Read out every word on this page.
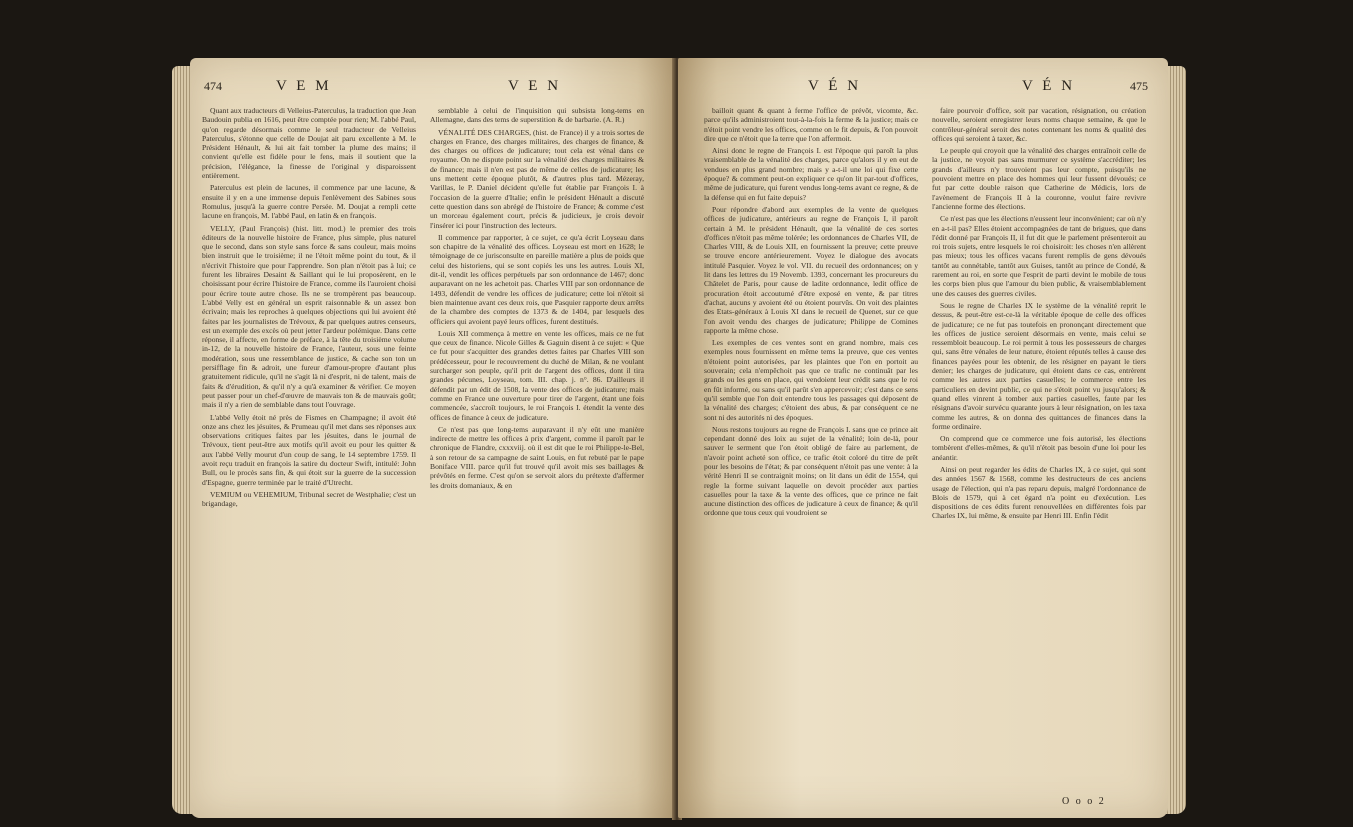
474	V E M	V E N

Quant aux traducteurs di Velleius-Paterculus, la traduction que Jean Baudouin publia en 1616, peut être comptée pour rien; M. l'abbé Paul, qu'on regarde désormais comme le seul traducteur de Velleius Paterculus, s'étonne que celle de Doujat ait paru excellente à M. le Président Hénault, & lui ait fait tomber la plume des mains; il convient qu'elle est fidèle pour le fens, mais il soutient que la précision, l'élégance, la finesse de l'original y disparoissent entièrement.

Paterculus est plein de lacunes, il commence par une lacune, & ensuite il y en a une immense depuis l'enlèvement des Sabines sous Romulus, jusqu'à la guerre contre Persée. M. Doujat a rempli cette lacune en françois, M. l'abbé Paul, en latin & en françois.

VELLY, (Paul François) (hist. litt. mod.) le premier des trois éditeurs de la nouvelle histoire de France, plus simple, plus naturel que le second, dans son style sans force & sans couleur, mais moins bien instruit que le troisième; il ne l'étoit même point du tout, & il n'écrivit l'histoire que pour l'apprendre. Son plan n'étoit pas à lui; ce furent les libraires Desaint & Saillant qui le lui proposèrent, en le choisissant pour écrire l'histoire de France, comme ils l'auroient choisi pour écrire toute autre chose. Ils ne se trompèrent pas beaucoup. L'abbé Velly est en général un esprit raisonnable & un assez bon écrivain; mais les reproches à quelques objections qui lui avoient été faites par les journalistes de Trévoux, & par quelques autres censeurs, est un exemple des excès où peut jetter l'ardeur polémique. Dans cette réponse, il affecte, en forme de préface, à la tête du troisième volume in-12, de la nouvelle histoire de France, l'auteur, sous une feinte modération, sous une ressemblance de justice, & cache son ton un persifflage fin & adroit, une fureur d'amour-propre d'autant plus gratuitement ridicule, qu'il ne s'agit là ni d'esprit, ni de talent, mais de faits & d'érudition, & qu'il n'y a qu'à examiner & vérifier. Ce moyen peut passer pour un chef-d'œuvre de mauvais ton & de mauvais goût; mais il n'y a rien de semblable dans tout l'ouvrage.

L'abbé Velly étoit né près de Fismes en Champagne; il avoit été onze ans chez les jésuites, & Prumeau qu'il met dans ses réponses aux observations critiques faites par les jésuites, dans le journal de Trévoux, tient peut-être aux motifs qu'il avoit eu pour les quitter & aux l'abbé Velly mourut d'un coup de sang, le 14 septembre 1759. Il avoit reçu traduit en françois la satire du docteur Swift, intitulé: John Bull, ou le procès sans fin, & qui étoit sur la guerre de la succession d'Espagne, guerre terminée par le traité d'Utrecht.

VEMIUM ou VEHEMIUM, Tribunal secret de Westphalie; c'est un brigandage,

semblable à celui de l'inquisition qui subsista long-tems en Allemagne, dans des tems de superstition & de barbarie. (A. R.)

VÉNALITÉ DES CHARGES, (hist. de France) il y a trois sortes de charges en France, des charges militaires, des charges de finance, & des charges ou offices de judicature; tout cela est vénal dans ce royaume. On ne dispute point sur la vénalité des charges militaires & de finance; mais il n'en est pas de même de celles de judicature; les uns mettent cette époque plutôt, & d'autres plus tard. Mézeray, Varillas, le P. Daniel décident qu'elle fut établie par François I. à l'occasion de la guerre d'Italie; enfin le président Hénault a discuté cette question dans son abrégé de l'histoire de France; & comme c'est un morceau également court, précis & judicieux, je crois devoir l'insérer ici pour l'instruction des lecteurs.

Il commence par rapporter, à ce sujet, ce qu'a écrit Loyseau dans son chapitre de la vénalité des offices. Loyseau est mort en 1628; le témoignage de ce jurisconsulte en pareille matière a plus de poids que celui des historiens, qui se sont copiés les uns les autres. Louis XI, dit-il, vendit les offices perpétuels par son ordonnance de 1467; donc auparavant on ne les achetoit pas. Charles VIII par son ordonnance de 1493, défendit de vendre les offices de judicature; cette loi n'étoit si bien maintenue avant ces deux rois, que Pasquier rapporte deux arrêts de la chambre des comptes de 1373 & de 1404, par lesquels des officiers qui avoient payé leurs offices, furent destitués.

Louis XII commença à mettre en vente les offices, mais ce ne fut que ceux de finance. Nicole Gilles & Gaguin disent à ce sujet: « Que ce fut pour s'acquitter des grandes dettes faites par Charles VIII son prédécesseur, pour le recouvrement du duché de Milan, & ne voulant surcharger son peuple, qu'il prit de l'argent des offices, dont il tira grandes pécunes, Loyseau, tom. III. chap. j. n°. 86. D'ailleurs il défendit par un édit de 1508, la vente des offices de judicature; mais comme en France une ouverture pour tirer de l'argent, étant une fois commencée, s'accroît toujours, le roi François I. étendit la vente des offices de finance à ceux de judicature.

Ce n'est pas que long-tems auparavant il n'y eût une manière indirecte de mettre les offices à prix d'argent, comme il paroît par le chronique de Flandre, cxxxviij. où il est dit que le roi Philippe-le-Bel, à son retour de sa campagne de saint Louis, en fut rebuté par le pape Boniface VIII. parce qu'il fut trouvé qu'il avoit mis ses baillages & prévôtés en ferme. C'est qu'on se servoit alors du prétexte d'affermer les droits domaniaux, & en

V É N	V É N	475

bailloit quant & quant à ferme l'office de prévôt, vicomte, &c. parce qu'ils administroient tout-à-la-fois la ferme & la justice; mais ce n'étoit point vendre les offices, comme on le fit depuis, & l'on pouvoit dire que ce n'étoit que la terre que l'on affermoit.

Ainsi donc le regne de François I. est l'époque qui paroît la plus vraisemblable de la vénalité des charges, parce qu'alors il y en eut de vendues en plus grand nombre; mais y a-t-il une loi qui fixe cette époque? & comment peut-on expliquer ce qu'on lit par-tout d'offices, même de judicature, qui furent vendus long-tems avant ce regne, & de la défense qui en fut faite depuis?

Pour répondre d'abord aux exemples de la vente de quelques offices de judicature, antérieurs au regne de François I, il paroît certain à M. le président Hénault, que la vénalité de ces sortes d'offices n'étoit pas même tolérée; les ordonnances de Charles VII, de Charles VIII, & de Louis XII, en fournissent la preuve; cette preuve se trouve encore antérieurement. Voyez le dialogue des avocats intitulé Pasquier. Voyez le vol. VII. du recueil des ordonnances; on y lit dans les lettres du 19 Novemb. 1393, concernant les procureurs du Châtelet de Paris, pour cause de ladite ordonnance, ledit office de procuration étoit accoutumé d'être exposé en vente, & par titres d'achat, aucuns y avoient été ou étoient pourvûs. On voit des plaintes des Etats-généraux à Louis XI dans le recueil de Quenet, sur ce que l'on avoit vendu des charges de judicature; Philippe de Comines rapporte la même chose.

Les exemples de ces ventes sont en grand nombre, mais ces exemples nous fournissent en même tems la preuve, que ces ventes n'étoient point autorisées, par les plaintes que l'on en portoit au souverain; cela n'empêchoit pas que ce trafic ne continuât par les grands ou les gens en place, qui vendoient leur crédit sans que le roi en fût informé, ou sans qu'il parût s'en appercevoir; c'est dans ce sens qu'il semble que l'on doit entendre tous les passages qui déposent de la vénalité des charges; c'étoient des abus, & par conséquent ce ne sont ni des autorités ni des époques.

Nous restons toujours au regne de François I. sans que ce prince ait cependant donné des loix au sujet de la vénalité; loin de-là, pour sauver le serment que l'on étoit obligé de faire au parlement, de n'avoir point acheté son office, ce trafic étoit coloré du titre de prêt pour les besoins de l'état; & par conséquent n'étoit pas une vente: à la vérité Henri II se contraignit moins; on lit dans un édit de 1554, qui regle la forme suivant laquelle on devoit procéder aux parties casuelles pour la taxe & la vente des offices, que ce prince ne fait aucune distinction des offices de judicature à ceux de finance; & qu'il ordonne que tous ceux qui voudroient se

faire pourvoir d'office, soit par vacation, résignation, ou création nouvelle, seroient enregistrer leurs noms chaque semaine, & que le contrôleur-général seroit des notes contenant les noms & qualité des offices qui seroient à taxer, &c.

Le peuple qui croyoit que la vénalité des charges entraînoit celle de la justice, ne voyoit pas sans murmurer ce système s'accréditer; les grands d'ailleurs n'y trouvoient pas leur compte, puisqu'ils ne pouvoient mettre en place des hommes qui leur fussent dévoués; ce fut par cette double raison que Catherine de Médicis, lors de l'avènement de François II à la couronne, voulut faire revivre l'ancienne forme des élections.

Ce n'est pas que les élections n'eussent leur inconvénient; car où n'y en a-t-il pas? Elles étoient accompagnées de tant de brigues, que dans l'édit donné par François II, il fut dit que le parlement présenteroit au roi trois sujets, entre lesquels le roi choisiroit: les choses n'en allèrent pas mieux; tous les offices vacans furent remplis de gens dévoués tantôt au connétable, tantôt aux Guises, tantôt au prince de Condé, & rarement au roi, en sorte que l'esprit de parti devint le mobile de tous les corps bien plus que l'amour du bien public, & vraisemblablement une des causes des guerres civiles.

Sous le regne de Charles IX le système de la vénalité reprit le dessus, & peut-être est-ce-là la véritable époque de celle des offices de judicature; ce ne fut pas toutefois en prononçant directement que les offices de justice seroient désormais en vente, mais celui se ressembloit beaucoup. Le roi permit à tous les possesseurs de charges qui, sans être vénales de leur nature, étoient réputés telles à cause des finances payées pour les obtenir, de les résigner en payant le tiers denier; les charges de judicature, qui étoient dans ce cas, entrèrent comme les autres aux parties casuelles; le commerce entre les particuliers en devint public, ce qui ne s'étoit point vu jusqu'alors; & quand elles vinrent à tomber aux parties casuelles, faute par les résignans d'avoir survécu quarante jours à leur résignation, on les taxa comme les autres, & on donna des quittances de finances dans la forme ordinaire.

On comprend que ce commerce une fois autorisé, les élections tombèrent d'elles-mêmes, & qu'il n'étoit pas besoin d'une loi pour les anéantir.

Ainsi on peut regarder les édits de Charles IX, à ce sujet, qui sont des années 1567 & 1568, comme les destructeurs de ces anciens usage de l'élection, qui n'a pas reparu depuis, malgré l'ordonnance de Blois de 1579, qui à cet égard n'a point eu d'exécution. Les dispositions de ces édits furent renouvellées en différentes fois par Charles IX, lui même, & ensuite par Henri III. Enfin l'édit

O o o 2
